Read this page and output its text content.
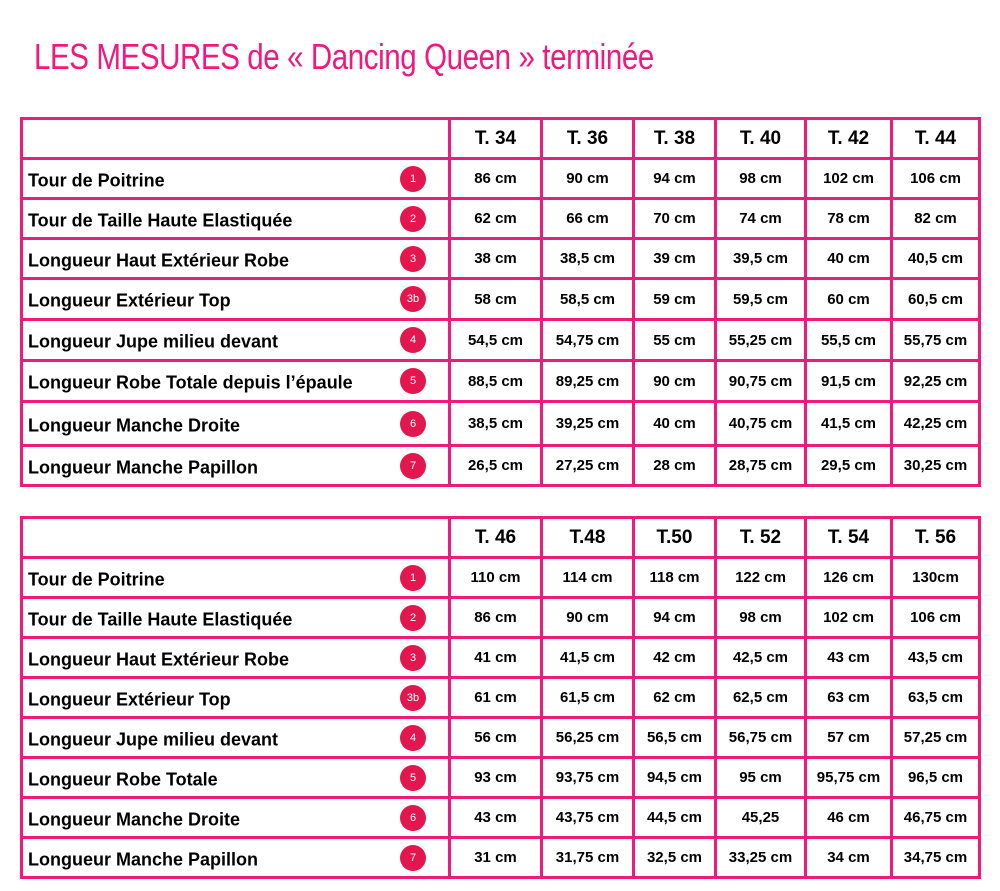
LES MESURES de « Dancing Queen » terminée
	T. 34	T. 36	T. 38	T. 40	T. 42	T. 44

Tour de Poitrine 1	86 cm	90 cm	94 cm	98 cm	102 cm	106 cm

Tour de Taille Haute Elastiquée 2	62 cm	66 cm	70 cm	74 cm	78 cm	82 cm

Longueur Haut Extérieur Robe 3	38 cm	38,5 cm	39 cm	39,5 cm	40 cm	40,5 cm

Longueur Extérieur Top 3b	58 cm	58,5 cm	59 cm	59,5 cm	60 cm	60,5 cm

Longueur Jupe milieu devant 4	54,5 cm	54,75 cm	55 cm	55,25 cm	55,5 cm	55,75 cm

Longueur Robe Totale depuis l’épaule 5	88,5 cm	89,25 cm	90 cm	90,75 cm	91,5 cm	92,25 cm

Longueur Manche Droite 6	38,5 cm	39,25 cm	40 cm	40,75 cm	41,5 cm	42,25 cm

Longueur Manche Papillon 7	26,5 cm	27,25 cm	28 cm	28,75 cm	29,5 cm	30,25 cm
	T. 46	T.48	T.50	T. 52	T. 54	T. 56

Tour de Poitrine 1	110 cm	114 cm	118 cm	122 cm	126 cm	130cm

Tour de Taille Haute Elastiquée 2	86 cm	90 cm	94 cm	98 cm	102 cm	106 cm

Longueur Haut Extérieur Robe 3	41 cm	41,5 cm	42 cm	42,5 cm	43 cm	43,5 cm

Longueur Extérieur Top 3b	61 cm	61,5 cm	62 cm	62,5 cm	63 cm	63,5 cm

Longueur Jupe milieu devant 4	56 cm	56,25 cm	56,5 cm	56,75 cm	57 cm	57,25 cm

Longueur Robe Totale 5	93 cm	93,75 cm	94,5 cm	95 cm	95,75 cm	96,5 cm

Longueur Manche Droite 6	43 cm	43,75 cm	44,5 cm	45,25	46 cm	46,75 cm

Longueur Manche Papillon 7	31 cm	31,75 cm	32,5 cm	33,25 cm	34 cm	34,75 cm
